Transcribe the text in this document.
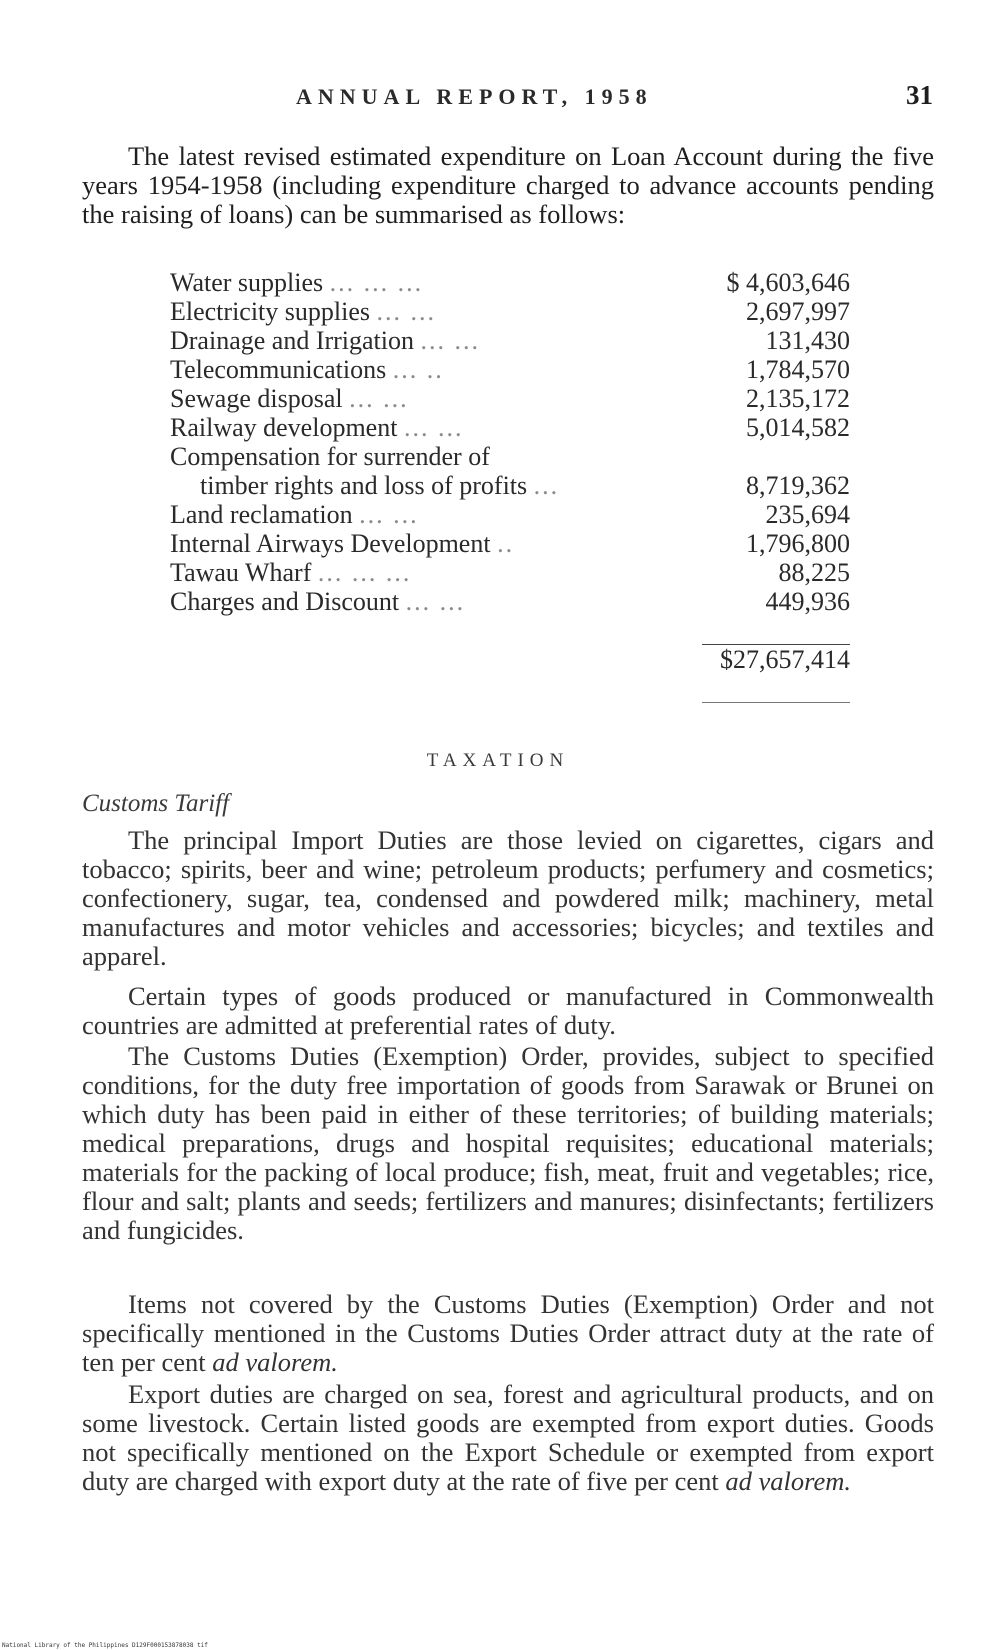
ANNUAL REPORT, 1958	31

The latest revised estimated expenditure on Loan Account during the five years 1954-1958 (including expenditure charged to advance accounts pending the raising of loans) can be summarised as follows:

Water supplies ... ... ...	$ 4,603,646
Electricity supplies ... ...	2,697,997
Drainage and Irrigation ... ...	131,430
Telecommunications ... ..	1,784,570
Sewage disposal ... ...	2,135,172
Railway development ... ...	5,014,582
Compensation for surrender of	
timber rights and loss of profits ...	8,719,362
Land reclamation ... ...	235,694
Internal Airways Development ..	1,796,800
Tawau Wharf ... ... ...	88,225
Charges and Discount ... ...	449,936

	$27,657,414

TAXATION
Customs Tariff

The principal Import Duties are those levied on cigarettes, cigars and tobacco; spirits, beer and wine; petroleum products; perfumery and cosmetics; confectionery, sugar, tea, condensed and powdered milk; machinery, metal manufactures and motor vehicles and accessories; bicycles; and textiles and apparel.

Certain types of goods produced or manufactured in Commonwealth countries are admitted at preferential rates of duty.

The Customs Duties (Exemption) Order, provides, subject to specified conditions, for the duty free importation of goods from Sarawak or Brunei on which duty has been paid in either of these territories; of building materials; medical preparations, drugs and hospital requisites; educational materials; materials for the packing of local produce; fish, meat, fruit and vegetables; rice, flour and salt; plants and seeds; fertilizers and manures; disinfectants; fertilizers and fungicides.

Items not covered by the Customs Duties (Exemption) Order and not specifically mentioned in the Customs Duties Order attract duty at the rate of ten per cent ad valorem.

Export duties are charged on sea, forest and agricultural products, and on some livestock. Certain listed goods are exempted from export duties. Goods not specifically mentioned on the Export Schedule or exempted from export duty are charged with export duty at the rate of five per cent ad valorem.

National Library of the Philippines D129F000153878038 tif
